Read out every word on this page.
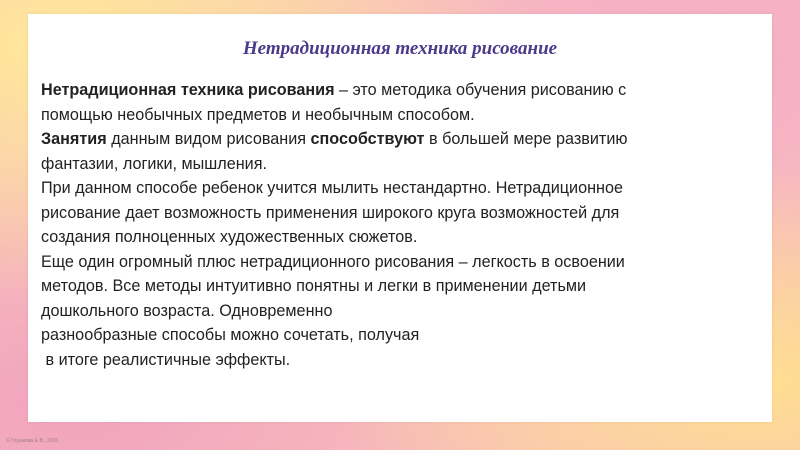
Нетрадиционная техника рисование

Нетрадиционная техника рисования – это методика обучения рисованию с

помощью необычных предметов и необычным способом.

Занятия данным видом рисования способствуют в большей мере развитию

фантазии, логики, мышления.

При данном способе ребенок учится мылить нестандартно. Нетрадиционное

рисование дает возможность применения широкого круга возможностей для

создания полноценных художественных сюжетов.

Еще один огромный плюс нетрадиционного рисования – легкость в освоении

методов. Все методы интуитивно понятны и легки в применении детьми

дошкольного возраста. Одновременно

разнообразные способы можно сочетать, получая

в итоге реалистичные эффекты.

© Глушкова Е.В., 2016
